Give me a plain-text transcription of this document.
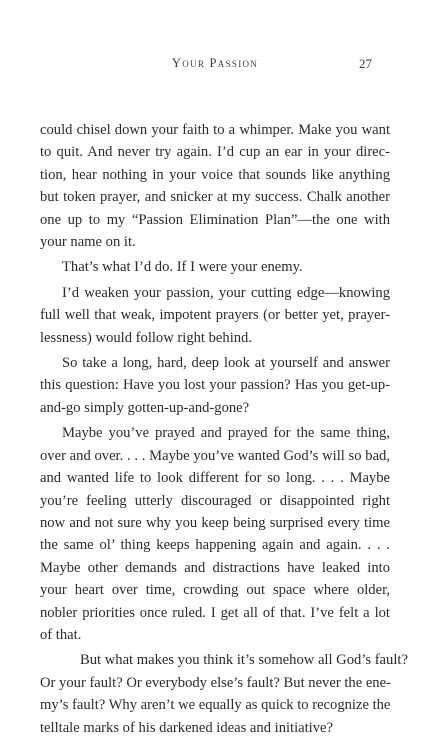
Your Passion	27

could chisel down your faith to a whimper. Make you want
to quit. And never try again. I’d cup an ear in your direc-
tion, hear nothing in your voice that sounds like anything
but token prayer, and snicker at my success. Chalk another
one up to my “Passion Elimination Plan”—the one with
your name on it.

That’s what I’d do. If I were your enemy.

I’d weaken your passion, your cutting edge—knowing
full well that weak, impotent prayers (or better yet, prayer-
lessness) would follow right behind.

So take a long, hard, deep look at yourself and answer
this question: Have you lost your passion? Has you get-up-
and-go simply gotten-up-and-gone?

Maybe you’ve prayed and prayed for the same thing,
over and over. . . . Maybe you’ve wanted God’s will so bad,
and wanted life to look different for so long. . . . Maybe
you’re feeling utterly discouraged or disappointed right
now and not sure why you keep being surprised every time
the same ol’ thing keeps happening again and again. . . .
Maybe other demands and distractions have leaked into
your heart over time, crowding out space where older,
nobler priorities once ruled. I get all of that. I’ve felt a lot
of that.

But what makes you think it’s somehow all God’s fault?
Or your fault? Or everybody else’s fault? But never the ene-
my’s fault? Why aren’t we equally as quick to recognize the
telltale marks of his darkened ideas and initiative?
